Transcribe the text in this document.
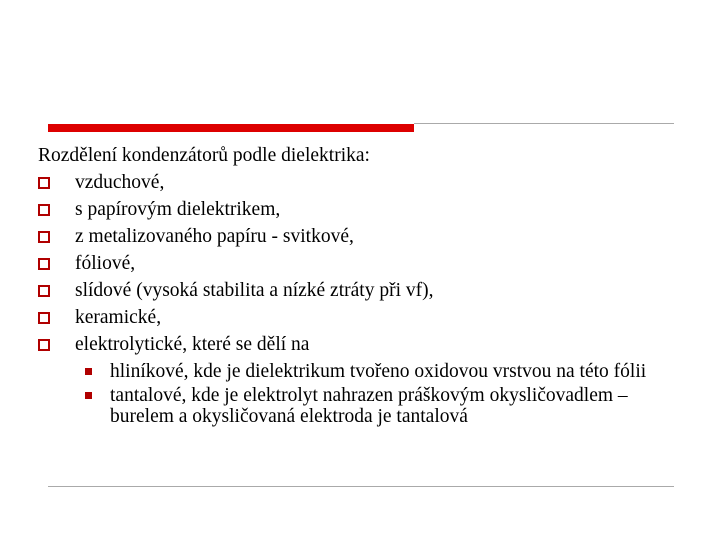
Rozdělení kondenzátorů podle dielektrika:

vzduchové,
s papírovým dielektrikem,
z metalizovaného papíru - svitkové,
fóliové,
slídové (vysoká stabilita a nízké ztráty při vf),
keramické,
elektrolytické, které se dělí na
hliníkové, kde je dielektrikum tvořeno oxidovou vrstvou na této fólii
tantalové, kde je elektrolyt nahrazen práškovým okysličovadlem – burelem a okysličovaná elektroda je tantalová
